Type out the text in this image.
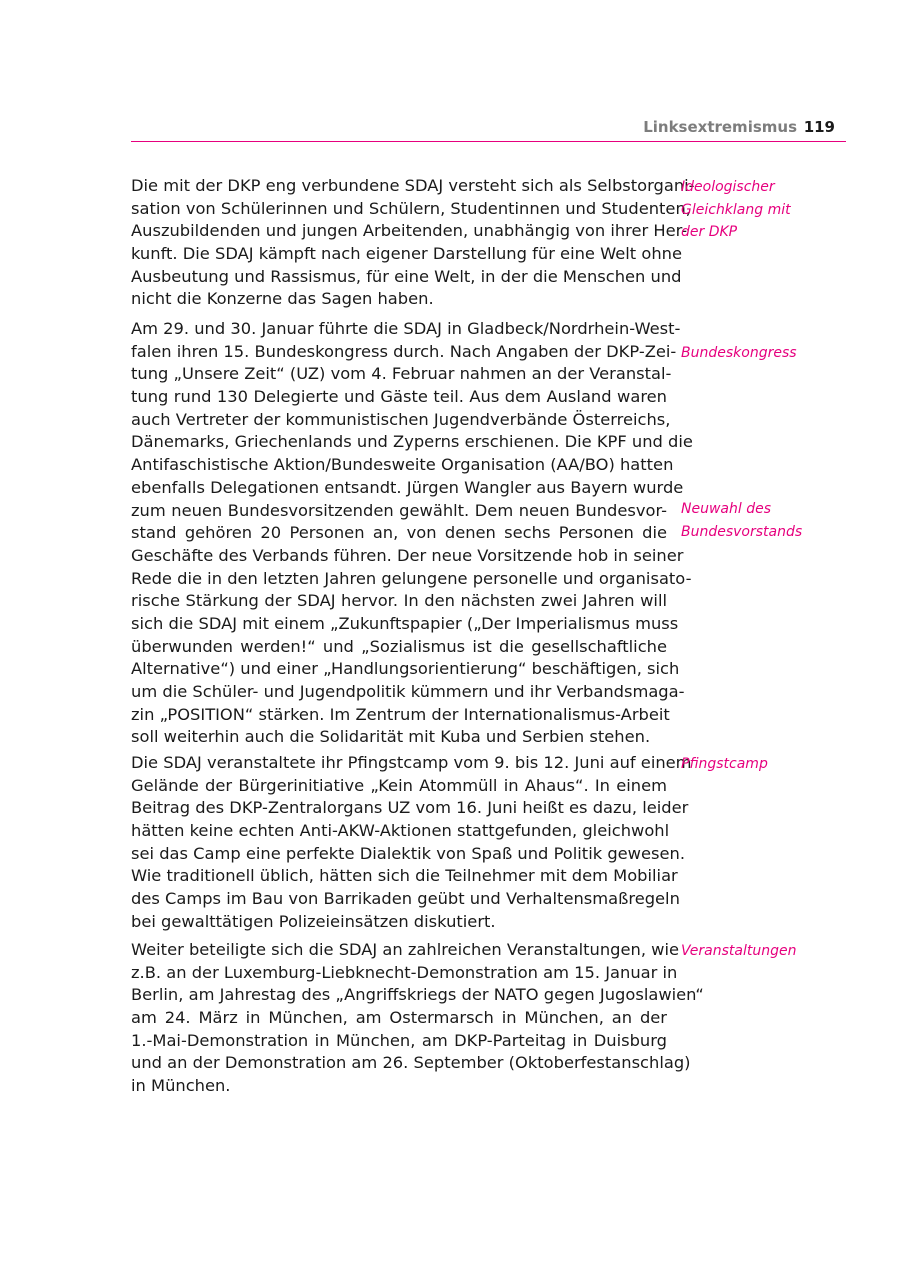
Linksextremismus 119
Die mit der DKP eng verbundene SDAJ versteht sich als Selbstorgani-
sation von Schülerinnen und Schülern, Studentinnen und Studenten,
Auszubildenden und jungen Arbeitenden, unabhängig von ihrer Her-
kunft. Die SDAJ kämpft nach eigener Darstellung für eine Welt ohne
Ausbeutung und Rassismus, für eine Welt, in der die Menschen und
nicht die Konzerne das Sagen haben.
Am 29. und 30. Januar führte die SDAJ in Gladbeck/Nordrhein-West-
falen ihren 15. Bundeskongress durch. Nach Angaben der DKP-Zei-
tung „Unsere Zeit“ (UZ) vom 4. Februar nahmen an der Veranstal-
tung rund 130 Delegierte und Gäste teil. Aus dem Ausland waren
auch Vertreter der kommunistischen Jugendverbände Österreichs,
Dänemarks, Griechenlands und Zyperns erschienen. Die KPF und die
Antifaschistische Aktion/Bundesweite Organisation (AA/BO) hatten
ebenfalls Delegationen entsandt. Jürgen Wangler aus Bayern wurde
zum neuen Bundesvorsitzenden gewählt. Dem neuen Bundesvor-
stand gehören 20 Personen an, von denen sechs Personen die
Geschäfte des Verbands führen. Der neue Vorsitzende hob in seiner
Rede die in den letzten Jahren gelungene personelle und organisato-
rische Stärkung der SDAJ hervor. In den nächsten zwei Jahren will
sich die SDAJ mit einem „Zukunftspapier („Der Imperialismus muss
überwunden werden!“ und „Sozialismus ist die gesellschaftliche
Alternative“) und einer „Handlungsorientierung“ beschäftigen, sich
um die Schüler- und Jugendpolitik kümmern und ihr Verbandsmaga-
zin „POSITION“ stärken. Im Zentrum der Internationalismus-Arbeit
soll weiterhin auch die Solidarität mit Kuba und Serbien stehen.
Die SDAJ veranstaltete ihr Pfingstcamp vom 9. bis 12. Juni auf einem
Gelände der Bürgerinitiative „Kein Atommüll in Ahaus“. In einem
Beitrag des DKP-Zentralorgans UZ vom 16. Juni heißt es dazu, leider
hätten keine echten Anti-AKW-Aktionen stattgefunden, gleichwohl
sei das Camp eine perfekte Dialektik von Spaß und Politik gewesen.
Wie traditionell üblich, hätten sich die Teilnehmer mit dem Mobiliar
des Camps im Bau von Barrikaden geübt und Verhaltensmaßregeln
bei gewalttätigen Polizeieinsätzen diskutiert.
Weiter beteiligte sich die SDAJ an zahlreichen Veranstaltungen, wie
z.B. an der Luxemburg-Liebknecht-Demonstration am 15. Januar in
Berlin, am Jahrestag des „Angriffskriegs der NATO gegen Jugoslawien“
am 24. März in München, am Ostermarsch in München, an der
1.-Mai-Demonstration in München, am DKP-Parteitag in Duisburg
und an der Demonstration am 26. September (Oktoberfestanschlag)
in München.
Ideologischer
Gleichklang mit
der DKP
Bundeskongress
Neuwahl des
Bundesvorstands
Pfingstcamp
Veranstaltungen
